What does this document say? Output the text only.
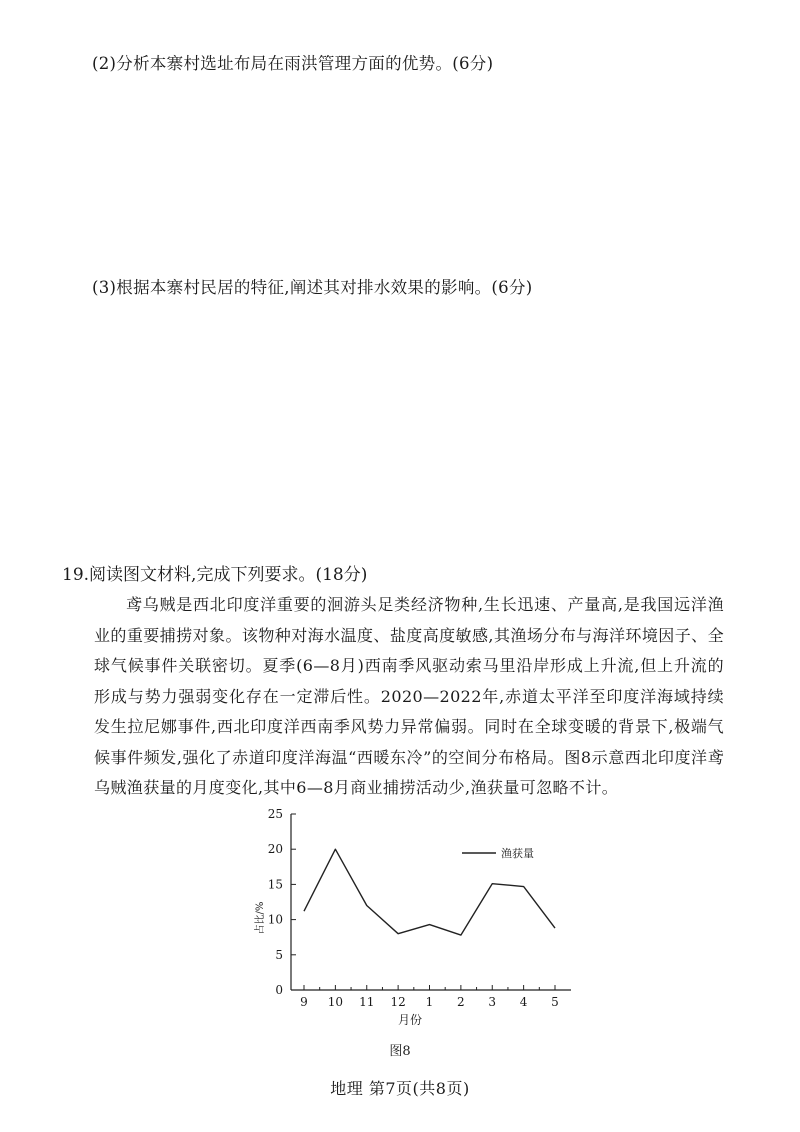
(2)分析本寨村选址布局在雨洪管理方面的优势。(6分)
(3)根据本寨村民居的特征,阐述其对排水效果的影响。(6分)
19.阅读图文材料,完成下列要求。(18分)
鸢乌贼是西北印度洋重要的洄游头足类经济物种,生长迅速、产量高,是我国远洋渔业的重要捕捞对象。该物种对海水温度、盐度高度敏感,其渔场分布与海洋环境因子、全球气候事件关联密切。夏季(6—8月)西南季风驱动索马里沿岸形成上升流,但上升流的形成与势力强弱变化存在一定滞后性。2020—2022年,赤道太平洋至印度洋海域持续发生拉尼娜事件,西北印度洋西南季风势力异常偏弱。同时在全球变暖的背景下,极端气候事件频发,强化了赤道印度洋海温“西暖东冷”的空间分布格局。图8示意西北印度洋鸢乌贼渔获量的月度变化,其中6—8月商业捕捞活动少,渔获量可忽略不计。
0
5
10
15
20
25
9 10 11 12 1 2 3 4 5
渔获量
占比/%
月份
图8
地理 第7页(共8页)
